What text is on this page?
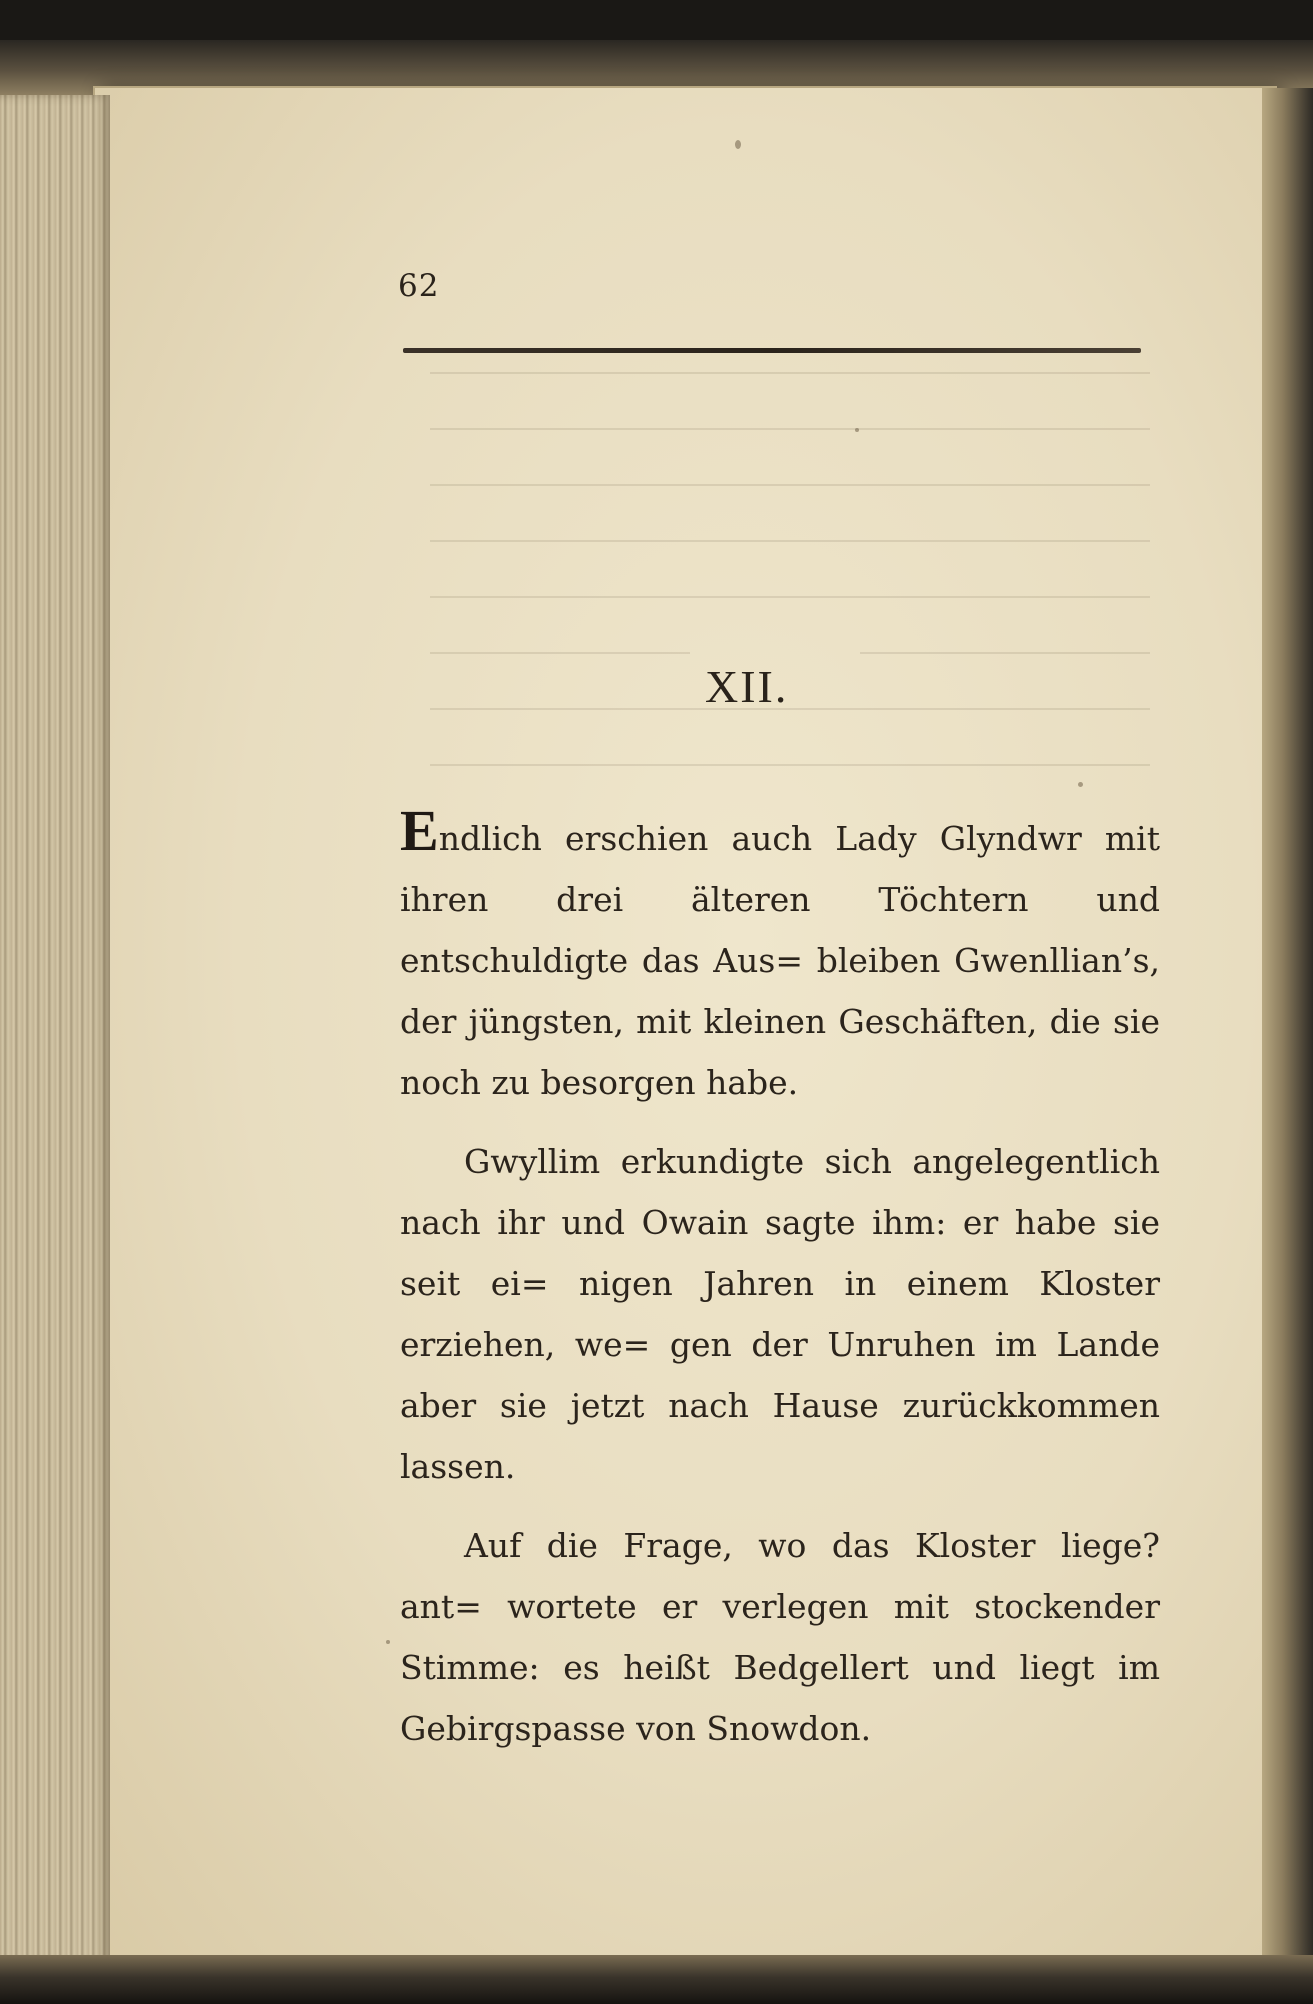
62
XII.

Endlich erschien auch Lady Glyndwr mit ihren drei älteren Töchtern und entschuldigte das Aus= bleiben Gwenllian’s, der jüngsten, mit kleinen Geschäften, die sie noch zu besorgen habe.

Gwyllim erkundigte sich angelegentlich nach ihr und Owain sagte ihm: er habe sie seit ei= nigen Jahren in einem Kloster erziehen, we= gen der Unruhen im Lande aber sie jetzt nach Hause zurückkommen lassen.

Auf die Frage, wo das Kloster liege? ant= wortete er verlegen mit stockender Stimme: es heißt Bedgellert und liegt im Gebirgspasse von Snowdon.
